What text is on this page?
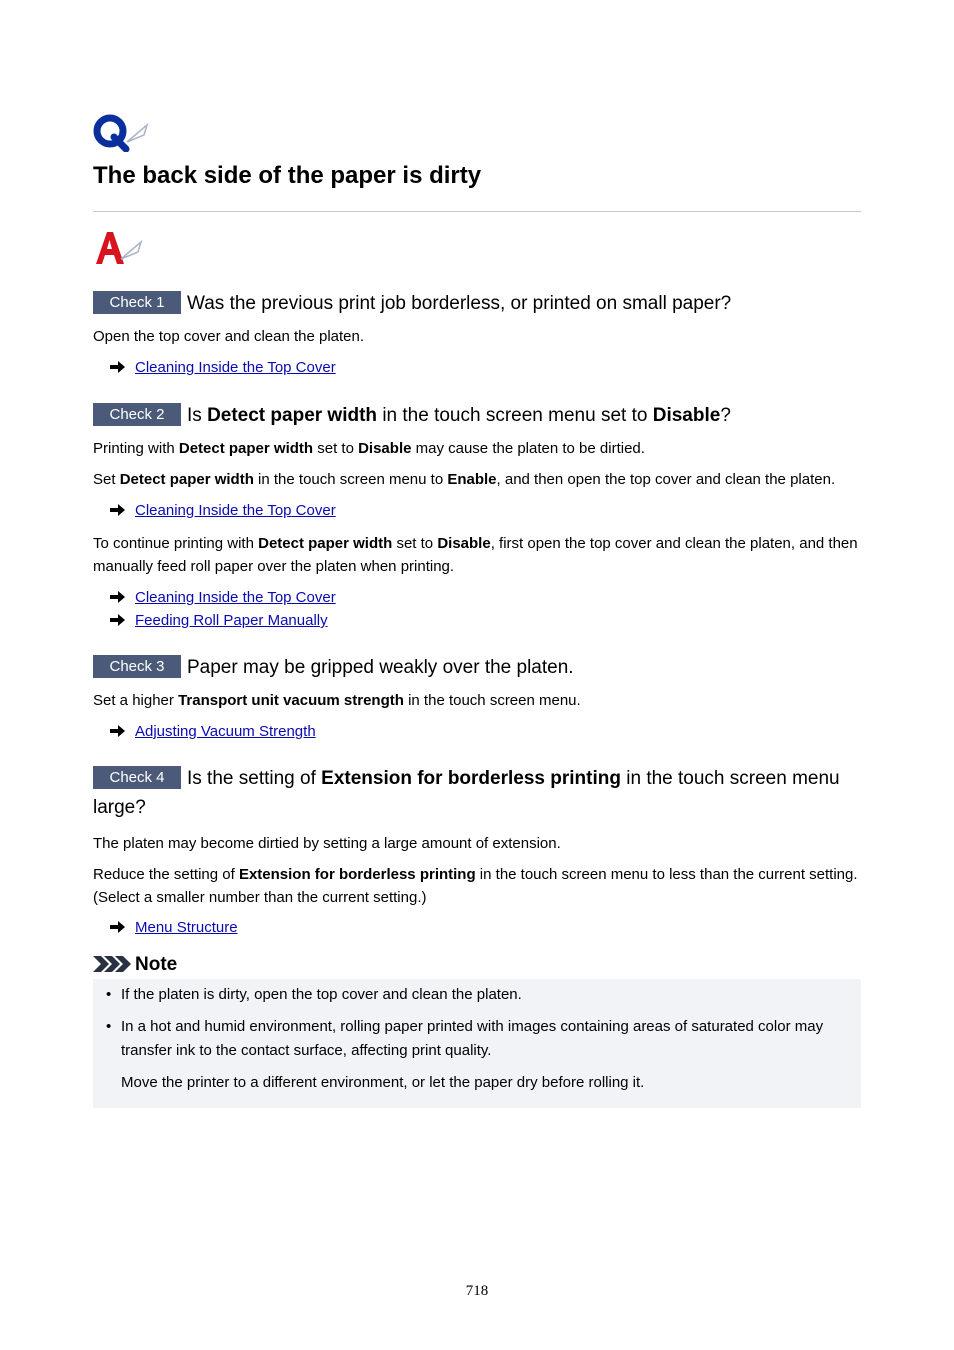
The back side of the paper is dirty
Check 1 Was the previous print job borderless, or printed on small paper?

Open the top cover and clean the platen.

Cleaning Inside the Top Cover
Check 2 Is Detect paper width in the touch screen menu set to Disable?

Printing with Detect paper width set to Disable may cause the platen to be dirtied.

Set Detect paper width in the touch screen menu to Enable, and then open the top cover and clean the platen.

Cleaning Inside the Top Cover

To continue printing with Detect paper width set to Disable, first open the top cover and clean the platen, and then manually feed roll paper over the platen when printing.

Cleaning Inside the Top Cover
Feeding Roll Paper Manually
Check 3 Paper may be gripped weakly over the platen.

Set a higher Transport unit vacuum strength in the touch screen menu.

Adjusting Vacuum Strength
Check 4 Is the setting of Extension for borderless printing in the touch screen menu large?

The platen may become dirtied by setting a large amount of extension.

Reduce the setting of Extension for borderless printing in the touch screen menu to less than the current setting. (Select a smaller number than the current setting.)

Menu Structure
Note
• If the platen is dirty, open the top cover and clean the platen.
• In a hot and humid environment, rolling paper printed with images containing areas of saturated color may transfer ink to the contact surface, affecting print quality.
Move the printer to a different environment, or let the paper dry before rolling it.
718
